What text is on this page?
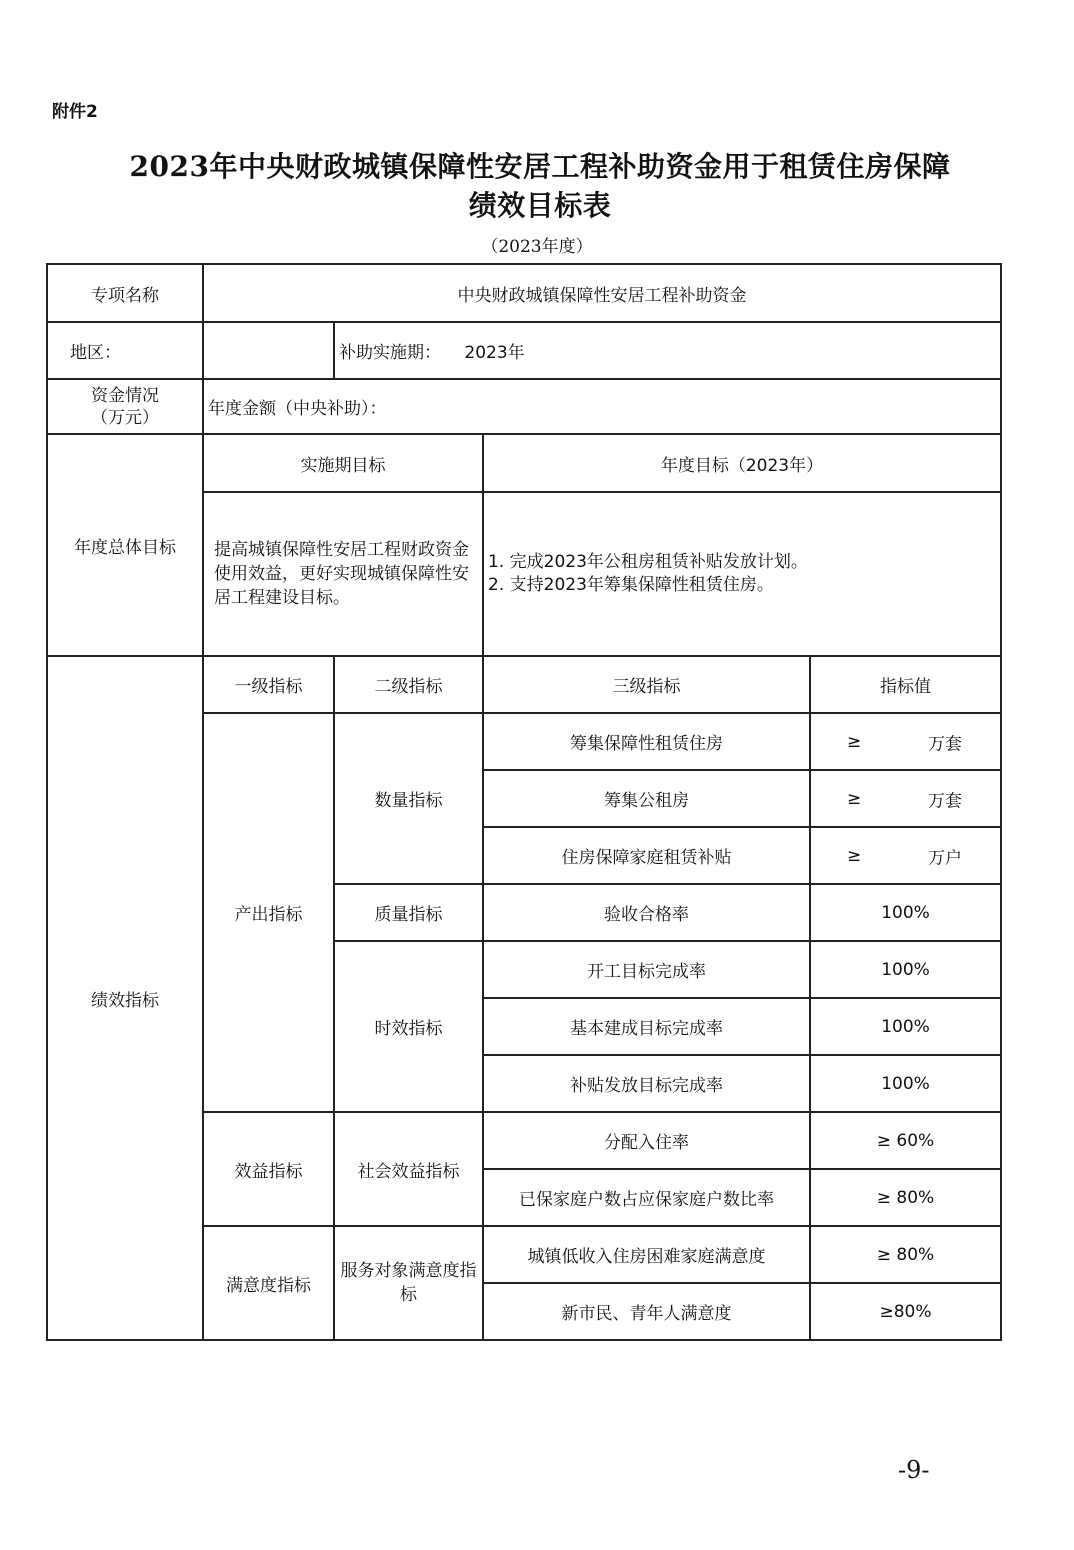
附件2
2023年中央财政城镇保障性安居工程补助资金用于租赁住房保障
绩效目标表
（2023年度）
专项名称	中央财政城镇保障性安居工程补助资金			
地区：		补助实施期： 2023年		

资金情况
（万元）	年度金额（中央补助）：			
年度总体目标	实施期目标		年度目标（2023年）	
	提高城镇保障性安居工程财政资金使用效益，更好实现城镇保障性安居工程建设目标。		1. 完成2023年公租房租赁补贴发放计划。
2. 支持2023年筹集保障性租赁住房。	

绩效指标	一级指标	二级指标	三级指标	指标值
	产出指标	数量指标	筹集保障性租赁住房	≥ 万套

			筹集公租房	≥ 万套

			住房保障家庭租赁补贴	≥ 万户

		质量指标	验收合格率	100%
		时效指标	开工目标完成率	100%
			基本建成目标完成率	100%
			补贴发放目标完成率	100%
	效益指标	社会效益指标	分配入住率	≥ 60%
			已保家庭户数占应保家庭户数比率	≥ 80%
	满意度指标	服务对象满意度指标	城镇低收入住房困难家庭满意度	≥ 80%
			新市民、青年人满意度	≥80%
-9-
